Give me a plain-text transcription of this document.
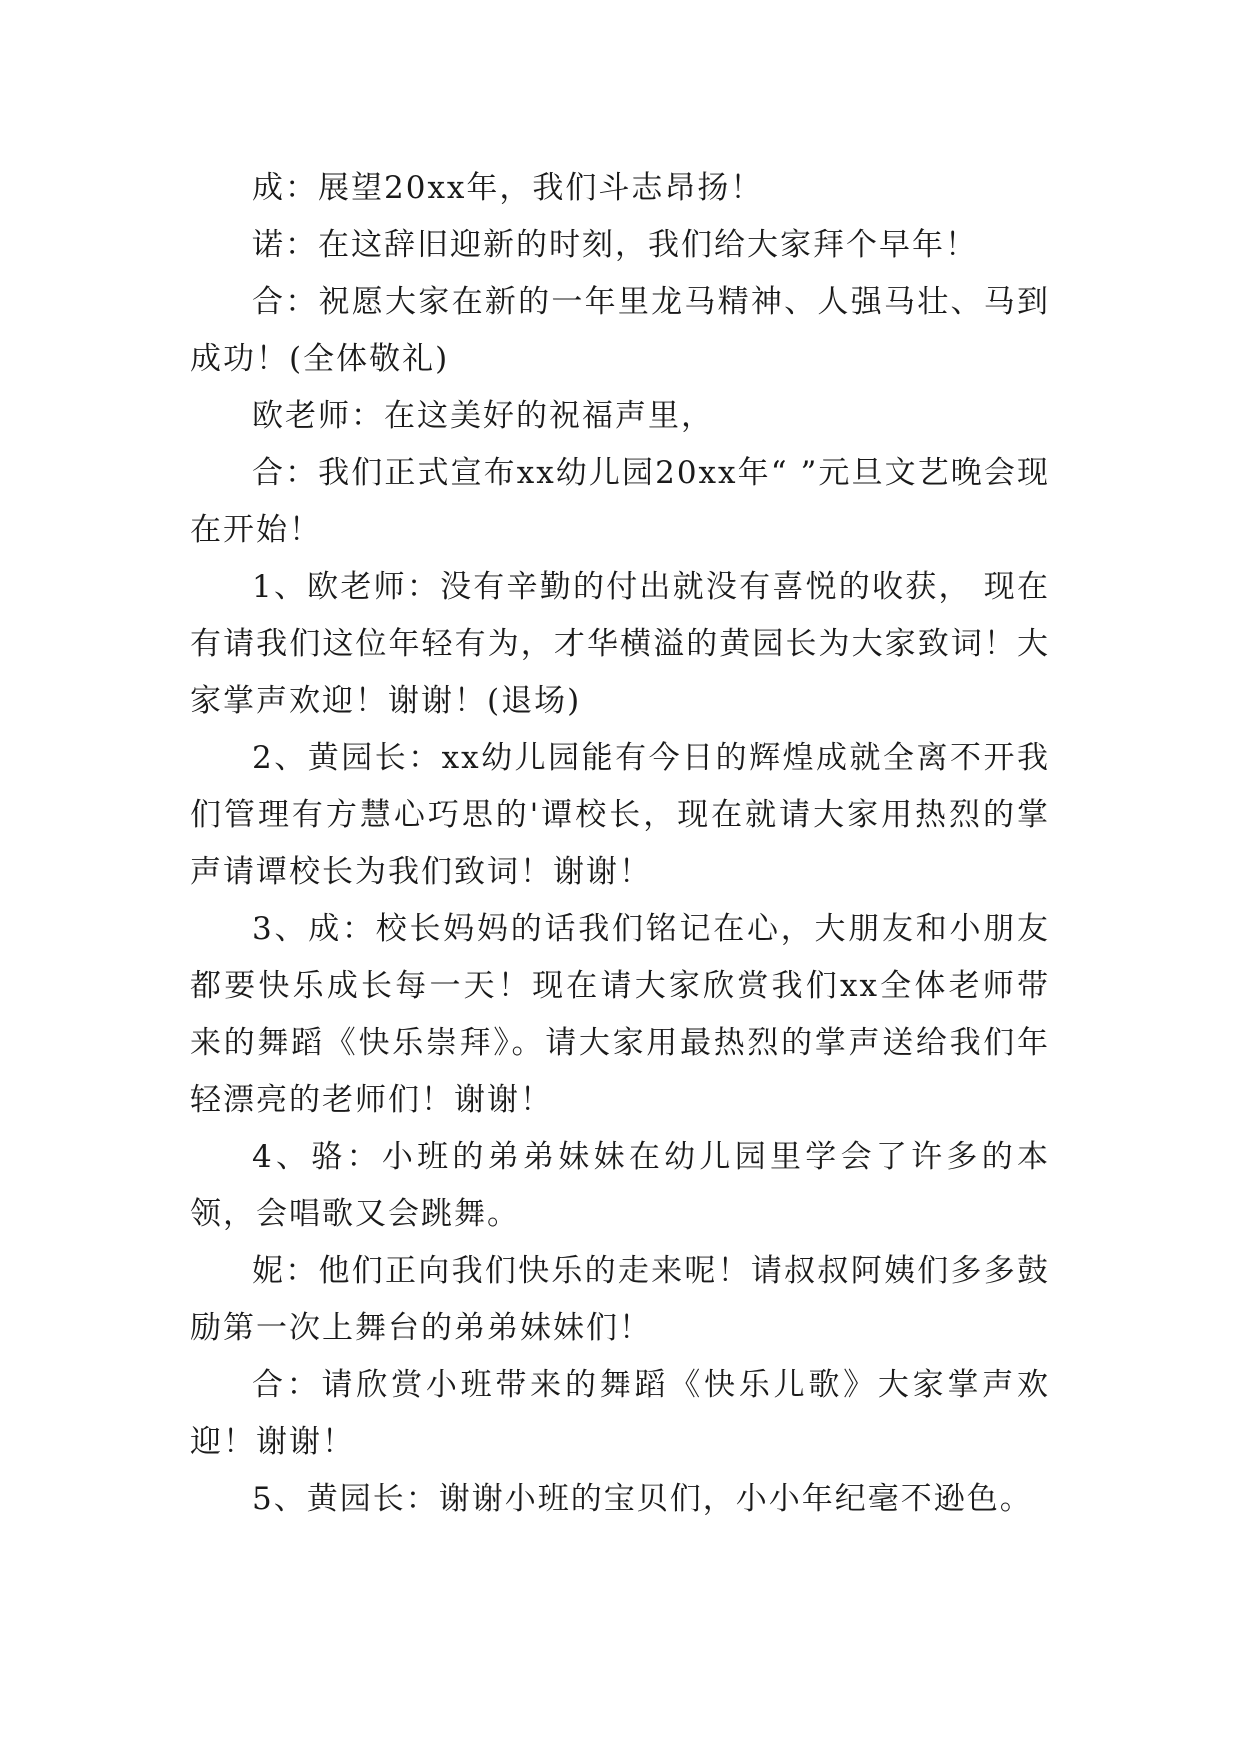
成：展望20xx年，我们斗志昂扬！

诺：在这辞旧迎新的时刻，我们给大家拜个早年！

合：祝愿大家在新的一年里龙马精神、人强马壮、马到成功！(全体敬礼)

欧老师：在这美好的祝福声里，

合：我们正式宣布xx幼儿园20xx年“ ”元旦文艺晚会现在开始！

1、欧老师：没有辛勤的付出就没有喜悦的收获， 现在有请我们这位年轻有为，才华横溢的黄园长为大家致词！大家掌声欢迎！谢谢！(退场)

2、黄园长：xx幼儿园能有今日的辉煌成就全离不开我们管理有方慧心巧思的'谭校长，现在就请大家用热烈的掌声请谭校长为我们致词！谢谢！

3、成：校长妈妈的话我们铭记在心，大朋友和小朋友都要快乐成长每一天！现在请大家欣赏我们xx全体老师带来的舞蹈《快乐崇拜》。请大家用最热烈的掌声送给我们年轻漂亮的老师们！谢谢！

4、骆：小班的弟弟妹妹在幼儿园里学会了许多的本领，会唱歌又会跳舞。

妮：他们正向我们快乐的走来呢！请叔叔阿姨们多多鼓励第一次上舞台的弟弟妹妹们！

合：请欣赏小班带来的舞蹈《快乐儿歌》大家掌声欢迎！谢谢！

5、黄园长：谢谢小班的宝贝们，小小年纪毫不逊色。
